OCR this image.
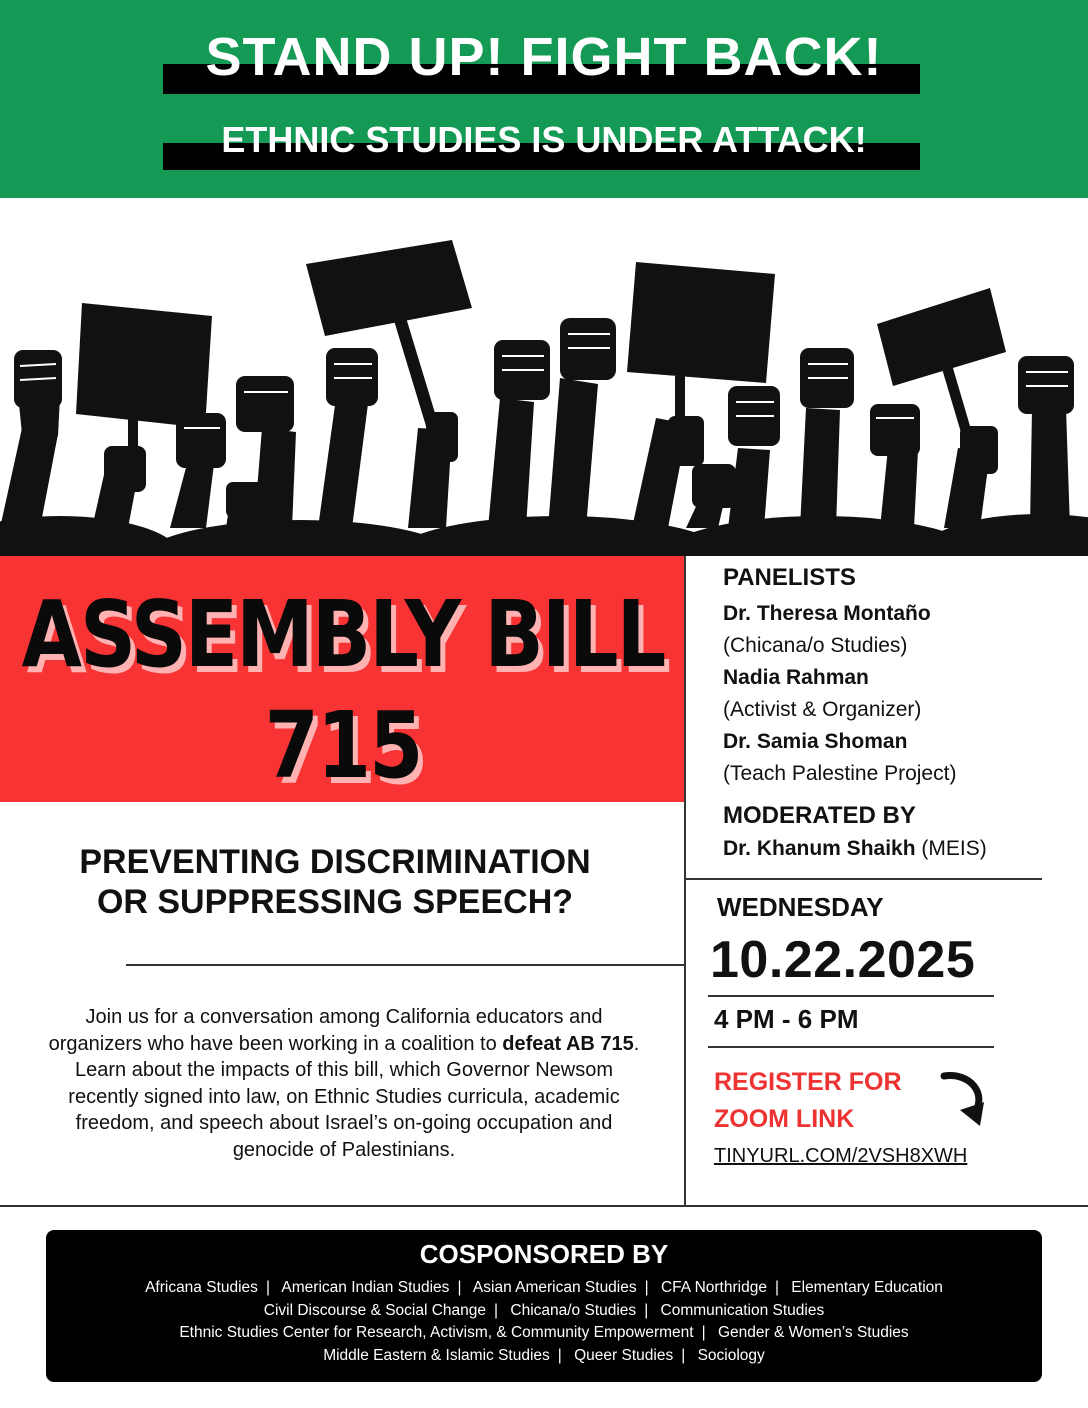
STAND UP! FIGHT BACK!
ETHNIC STUDIES IS UNDER ATTACK!
ASSEMBLY BILL
715
PREVENTING DISCRIMINATION
OR SUPPRESSING SPEECH?
Join us for a conversation among California educators and organizers who have been working in a coalition to defeat AB 715. Learn about the impacts of this bill, which Governor Newsom recently signed into law, on Ethnic Studies curricula, academic freedom, and speech about Israel’s on-going occupation and genocide of Palestinians.
PANELISTS
Dr. Theresa Montaño
(Chicana/o Studies)
Nadia Rahman
(Activist & Organizer)
Dr. Samia Shoman
(Teach Palestine Project)
MODERATED BY
Dr. Khanum Shaikh (MEIS)
WEDNESDAY
10.22.2025
4 PM - 6 PM
REGISTER FOR
ZOOM LINK
TINYURL.COM/2VSH8XWH
COSPONSORED BY
Africana Studies | American Indian Studies | Asian American Studies | CFA Northridge | Elementary Education
Civil Discourse & Social Change | Chicana/o Studies | Communication Studies
Ethnic Studies Center for Research, Activism, & Community Empowerment | Gender & Women’s Studies
Middle Eastern & Islamic Studies | Queer Studies | Sociology
